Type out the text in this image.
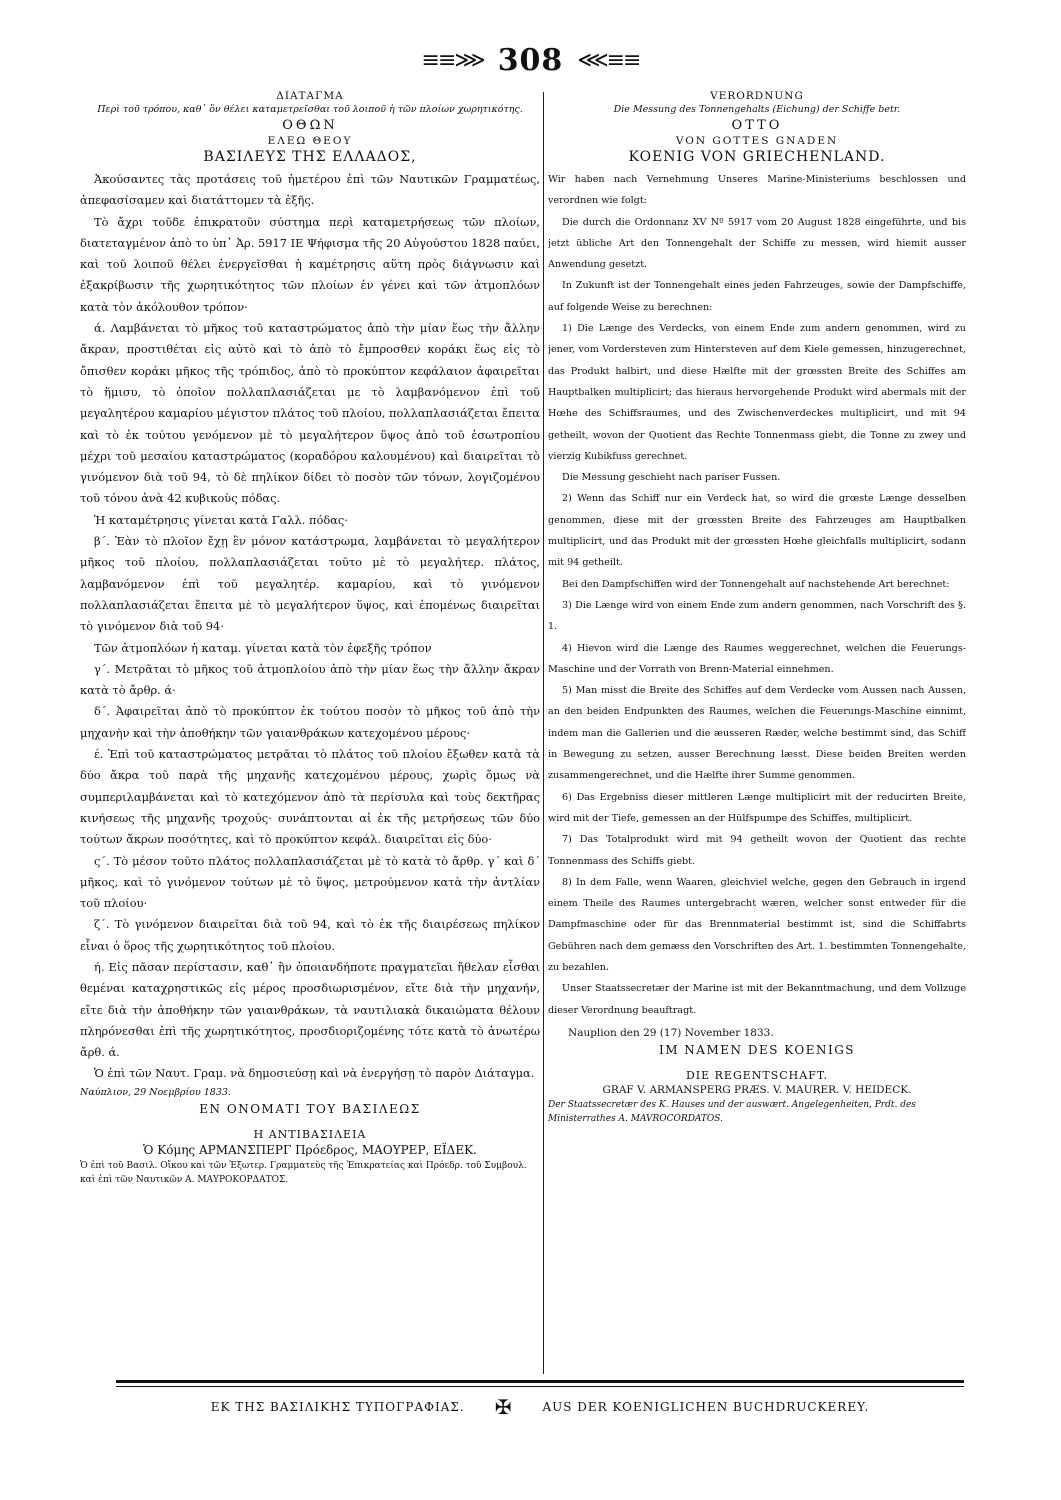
≡≡⋙ 308 ⋘≡≡

ΔΙΑΤΑΓΜΑ

Περὶ τοῦ τρόπου, καθ᾽ ὃν θέλει καταμετρεῖσθαι τοῦ λοιποῦ ἡ τῶν πλοίων χωρητικότης.

ΟΘΩΝ

ΕΛΕΩ ΘΕΟΥ

ΒΑΣΙΛΕΥΣ ΤΗΣ ΕΛΛΑΔΟΣ,

Ἀκούσαντες τὰς προτάσεις τοῦ ἡμετέρου ἐπὶ τῶν Ναυτικῶν Γραμματέως, ἀπεφασίσαμεν καὶ διατάττομεν τὰ ἑξῆς.

Τὸ ἄχρι τοῦδε ἐπικρατοῦν σύστημα περὶ καταμετρήσεως τῶν πλοίων, διατεταγμένον ἀπὸ το ὑπ᾽ Ἀρ. 5917 ΙΕ Ψήφισμα τῆς 20 Αὐγούστου 1828 παύει, καὶ τοῦ λοιποῦ θέλει ἐνεργεῖσθαι ἡ καμέτρησις αὕτη πρὸς διάγνωσιν καὶ ἐξακρίβωσιν τῆς χωρητικότητος τῶν πλοίων ἐν γένει καὶ τῶν ἀτμοπλόων κατὰ τὸν ἀκόλουθον τρόπον·

ά. Λαμβάνεται τὸ μῆκος τοῦ καταστρώματος ἀπὸ τὴν μίαν ἕως τὴν ἄλλην ἄκραν, προστιθέται εἰς αὐτὸ καὶ τὸ ἀπὸ τὸ ἔμπροσθεν κοράκι ἕως εἰς τὸ ὄπισθεν κοράκι μῆκος τῆς τρόπιδος, ἀπὸ τὸ προκύπτον κεφάλαιον ἀφαιρεῖται τὸ ἥμισυ, τὸ ὁποῖον πολλαπλασιάζεται με τὸ λαμβανόμενον ἐπὶ τοῦ μεγαλητέρου καμαρίου μέγιστον πλάτος τοῦ πλοίου, πολλαπλασιάζεται ἔπειτα καὶ τὸ ἐκ τούτου γενόμενον μὲ τὸ μεγαλήτερον ὕψος ἀπὸ τοῦ ἐσωτροπίου μέχρι τοῦ μεσαίου καταστρώματος (κοραδόρου καλουμένου) καὶ διαιρεῖται τὸ γινόμενον διὰ τοῦ 94, τὸ δὲ πηλίκον δίδει τὸ ποσὸν τῶν τόνων, λογιζομένου τοῦ τόνου ἀνὰ 42 κυβικοὺς πόδας.

Ἡ καταμέτρησις γίνεται κατὰ Γαλλ. πόδας·

β΄. Ἐὰν τὸ πλοῖον ἔχῃ ἓν μόνον κατάστρωμα, λαμβάνεται τὸ μεγαλήτερον μῆκος τοῦ πλοίου, πολλαπλασιάζεται τοῦτο μὲ τὸ μεγαλήτερ. πλάτος, λαμβανόμενον ἐπὶ τοῦ μεγαλητέρ. καμαρίου, καὶ τὸ γινόμενον πολλαπλασιάζεται ἔπειτα μὲ τὸ μεγαλήτερον ὕψος, καὶ ἑπομένως διαιρεῖται τὸ γινόμενον διὰ τοῦ 94·

Τῶν ἀτμοπλόων ἡ καταμ. γίνεται κατὰ τὸν ἐφεξῆς τρόπον

γ΄. Μετρᾶται τὸ μῆκος τοῦ ἀτμοπλοίου ἀπὸ τὴν μίαν ἕως τὴν ἄλλην ἄκραν κατὰ τὸ ἄρθρ. ά·

δ΄. Ἀφαιρεῖται ἀπὸ τὸ προκύπτον ἐκ τούτου ποσὸν τὸ μῆκος τοῦ ἀπὸ τὴν μηχανὴν καὶ τὴν ἀποθήκην τῶν γαιανθράκων κατεχομένου μέρους·

έ. Ἐπὶ τοῦ καταστρώματος μετρᾶται τὸ πλάτος τοῦ πλοίου ἔξωθεν κατὰ τὰ δύο ἄκρα τοῦ παρὰ τῆς μηχανῆς κατεχομένου μέρους, χωρὶς ὅμως νὰ συμπεριλαμβάνεται καὶ τὸ κατεχόμενον ἀπὸ τὰ περίσυλα καὶ τοὺς δεκτῆρας κινήσεως τῆς μηχανῆς τροχούς· συνάπτονται αἱ ἐκ τῆς μετρήσεως τῶν δύο τούτων ἄκρων ποσότητες, καὶ τὸ προκύπτον κεφάλ. διαιρεῖται εἰς δύο·

ς΄. Τὸ μέσον τοῦτο πλάτος πολλαπλασιάζεται μὲ τὸ κατὰ τὸ ἄρθρ. γ΄ καὶ δ΄ μῆκος, καὶ τὸ γινόμενον τούτων μὲ τὸ ὕψος, μετρούμενον κατὰ τὴν ἀντλίαν τοῦ πλοίου·

ζ΄. Τὸ γινόμενον διαιρεῖται διὰ τοῦ 94, καὶ τὸ ἐκ τῆς διαιρέσεως πηλίκον εἶναι ὁ ὅρος τῆς χωρητικότητος τοῦ πλοίου.

ή. Εἰς πᾶσαν περίστασιν, καθ᾽ ἣν ὁποιανδήποτε πραγματεῖαι ἤθελαν εἶσθαι θεμέναι καταχρηστικῶς εἰς μέρος προσδιωρισμένον, εἴτε διὰ τὴν μηχανήν, εἴτε διὰ τὴν ἀποθήκην τῶν γαιανθράκων, τὰ ναυτιλιακὰ δικαιώματα θέλουν πληρόνεσθαι ἐπὶ τῆς χωρητικότητος, προσδιοριζομένης τότε κατὰ τὸ ἀνωτέρω ἄρθ. ά.

Ὁ ἐπὶ τῶν Ναυτ. Γραμ. νὰ δημοσιεύσῃ καὶ νὰ ἐνεργήσῃ τὸ παρὸν Διάταγμα.

Ναύπλιον, 29 Νοεμβρίου 1833.

ΕΝ ΟΝΟΜΑΤΙ ΤΟΥ ΒΑΣΙΛΕΩΣ

Η ΑΝΤΙΒΑΣΙΛΕΙΑ

Ὁ Κόμης ΑΡΜΑΝΣΠΕΡΓ Πρόεδρος, ΜΑΟΥΡΕΡ, ΕΪΔΕΚ.

Ὁ ἐπὶ τοῦ Βασιλ. Οἴκου καὶ τῶν Ἐξωτερ. Γραμματεὺς τῆς Ἐπικρατείας καὶ Πρόεδρ. τοῦ Συμβουλ. καὶ ἐπὶ τῶν Ναυτικῶν Α. ΜΑΥΡΟΚΟΡΔΑΤΟΣ.

VERORDNUNG

Die Messung des Tonnengehalts (Eichung) der Schiffe betr.

OTTO

VON GOTTES GNADEN

KOENIG VON GRIECHENLAND.

Wir haben nach Vernehmung Unseres Marine-Ministeriums beschlossen und verordnen wie folgt:

Die durch die Ordonnanz XV Nº 5917 vom 20 August 1828 eingeführte, und bis jetzt übliche Art den Tonnengehalt der Schiffe zu messen, wird hiemit ausser Anwendung gesetzt.

In Zukunft ist der Tonnengehalt eines jeden Fahrzeuges, sowie der Dampfschiffe, auf folgende Weise zu berechnen:

1) Die Længe des Verdecks, von einem Ende zum andern genommen, wird zu jener, vom Vordersteven zum Hintersteven auf dem Kiele gemessen, hinzugerechnet, das Produkt halbirt, und diese Hælfte mit der grœssten Breite des Schiffes am Hauptbalken multiplicirt; das hieraus hervorgehende Produkt wird abermals mit der Hœhe des Schiffsraumes, und des Zwischenverdeckes multiplicirt, und mit 94 getheilt, wovon der Quotient das Rechte Tonnenmass giebt, die Tonne zu zwey und vierzig Kubikfuss gerechnet.

Die Messung geschieht nach pariser Fussen.

2) Wenn das Schiff nur ein Verdeck hat, so wird die grœste Længe desselben genommen, diese mit der grœssten Breite des Fahrzeuges am Hauptbalken multiplicirt, und das Produkt mit der grœssten Hœhe gleichfalls multiplicirt, sodann mit 94 getheilt.

Bei den Dampfschiffen wird der Tonnengehalt auf nachstehende Art berechnet:

3) Die Længe wird von einem Ende zum andern genommen, nach Vorschrift des §. 1.

4) Hievon wird die Længe des Raumes weggerechnet, welchen die Feuerungs-Maschine und der Vorrath von Brenn-Material einnehmen.

5) Man misst die Breite des Schiffes auf dem Verdecke vom Aussen nach Aussen, an den beiden Endpunkten des Raumes, welchen die Feuerungs-Maschine einnimt, indem man die Gallerien und die æusseren Ræder, welche bestimmt sind, das Schiff in Bewegung zu setzen, ausser Berechnung læsst. Diese beiden Breiten werden zusammengerechnet, und die Hælfte ihrer Summe genommen.

6) Das Ergebniss dieser mittleren Længe multiplicirt mit der reducirten Breite, wird mit der Tiefe, gemessen an der Hülfspumpe des Schiffes, multiplicirt.

7) Das Totalprodukt wird mit 94 getheilt wovon der Quotient das rechte Tonnenmass des Schiffs giebt.

8) In dem Falle, wenn Waaren, gleichviel welche, gegen den Gebrauch in irgend einem Theile des Raumes untergebracht wæren, welcher sonst entweder für die Dampfmaschine oder für das Brennmaterial bestimmt ist, sind die Schiffabrts Gebühren nach dem gemæss den Vorschriften des Art. 1. bestimmten Tonnengehalte, zu bezahlen.

Unser Staatssecretær der Marine ist mit der Bekanntmachung, und dem Vollzuge dieser Verordnung beauftragt.

Nauplion den 29 (17) November 1833.

IM NAMEN DES KOENIGS

DIE REGENTSCHAFT.

GRAF V. ARMANSPERG PRÆS. V. MAURER. V. HEIDECK.

Der Staatssecretær des K. Hauses und der auswært. Angelegenheiten, Prdt. des Ministerrathes A. MAVROCORDATOS.

ΕΚ ΤΗΣ ΒΑΣΙΛΙΚΗΣ ΤΥΠΟΓΡΑΦΙΑΣ. ✠	AUS DER KOENIGLICHEN BUCHDRUCKEREY.
